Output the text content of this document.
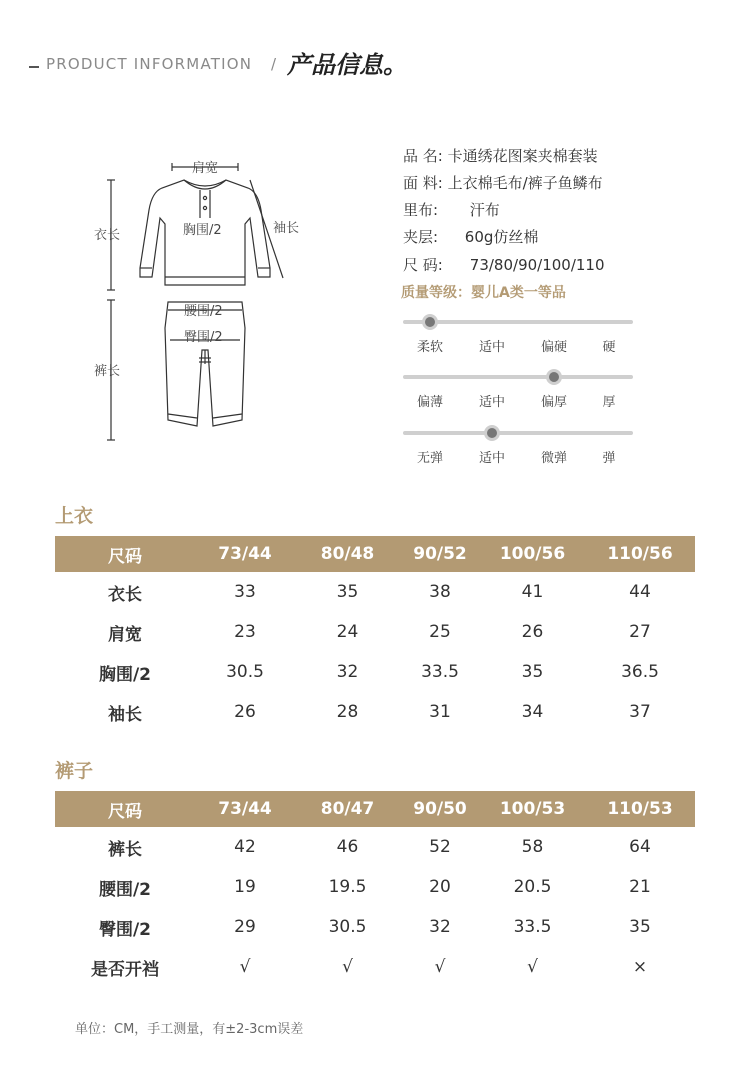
PRODUCT INFORMATION / 产品信息。
肩宽
胸围/2	袖长
衣长
腰围/2
臀围/2
裤长
品 名: 卡通绣花图案夹棉套装
面 料: 上衣棉毛布/裤子鱼鳞布
里布: 汗布
夹层: 60g仿丝棉
尺 码: 73/80/90/100/110
质量等级：婴儿A类一等品
柔软	适中	偏硬	硬
偏薄	适中	偏厚	厚
无弹	适中	微弹	弹
上衣
尺码	73/44	80/48	90/52	100/56	110/56
衣长	33	35	38	41	44
肩宽	23	24	25	26	27
胸围/2	30.5	32	33.5	35	36.5
袖长	26	28	31	34	37
裤子
尺码	73/44	80/47	90/50	100/53	110/53
裤长	42	46	52	58	64
腰围/2	19	19.5	20	20.5	21
臀围/2	29	30.5	32	33.5	35
是否开裆	√	√	√	√	×
单位：CM，手工测量，有±2-3cm误差
